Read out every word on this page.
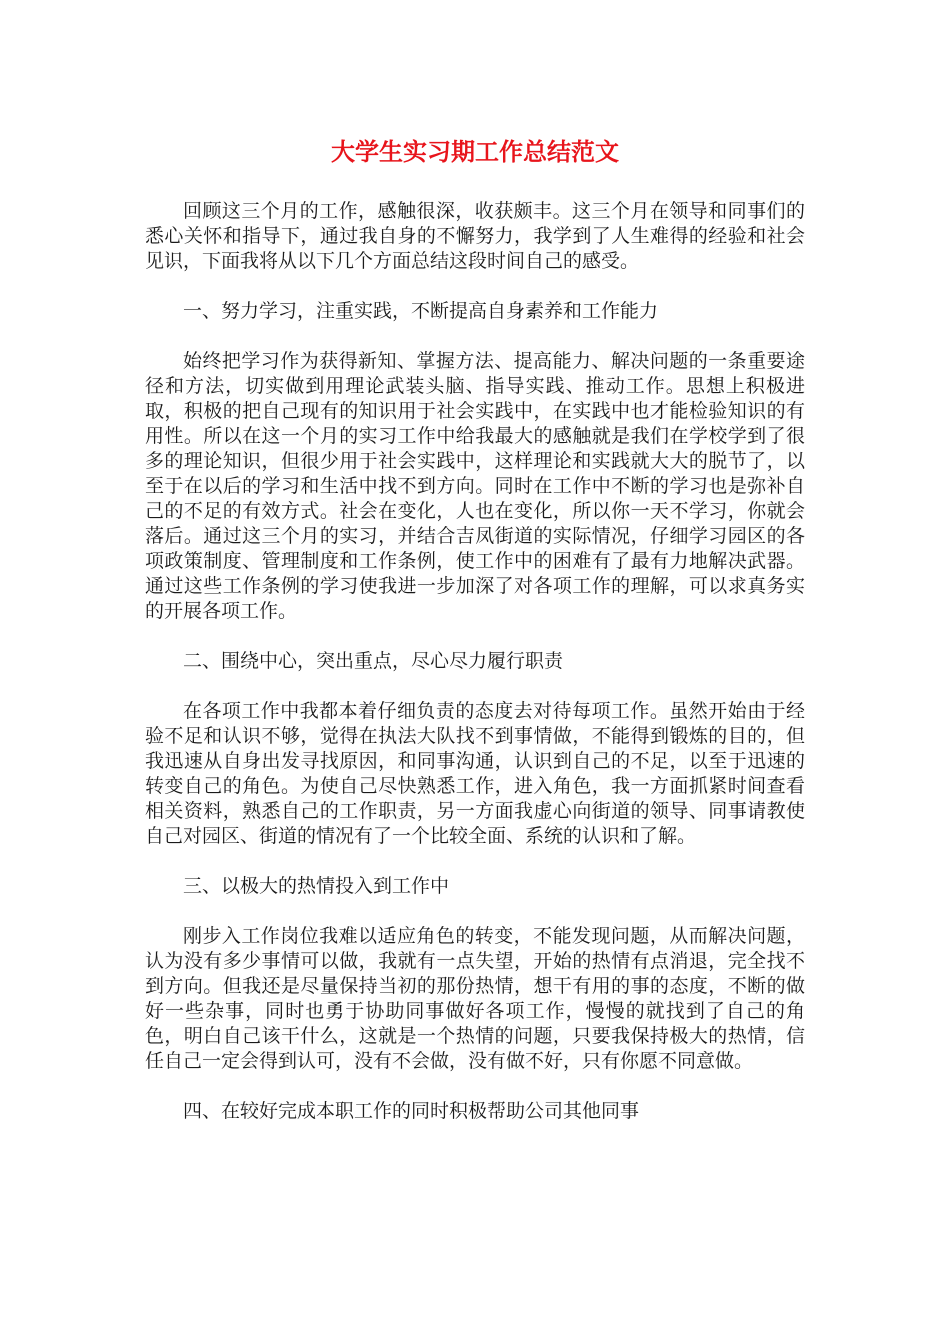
大学生实习期工作总结范文

回顾这三个月的工作，感触很深，收获颇丰。这三个月在领导和同事们的悉心关怀和指导下，通过我自身的不懈努力，我学到了人生难得的经验和社会见识，下面我将从以下几个方面总结这段时间自己的感受。

一、努力学习，注重实践，不断提高自身素养和工作能力

始终把学习作为获得新知、掌握方法、提高能力、解决问题的一条重要途径和方法，切实做到用理论武装头脑、指导实践、推动工作。思想上积极进取，积极的把自己现有的知识用于社会实践中，在实践中也才能检验知识的有用性。所以在这一个月的实习工作中给我最大的感触就是我们在学校学到了很多的理论知识，但很少用于社会实践中，这样理论和实践就大大的脱节了，以至于在以后的学习和生活中找不到方向。同时在工作中不断的学习也是弥补自己的不足的有效方式。社会在变化，人也在变化，所以你一天不学习，你就会落后。通过这三个月的实习，并结合吉凤街道的实际情况，仔细学习园区的各项政策制度、管理制度和工作条例，使工作中的困难有了最有力地解决武器。通过这些工作条例的学习使我进一步加深了对各项工作的理解，可以求真务实的开展各项工作。

二、围绕中心，突出重点，尽心尽力履行职责

在各项工作中我都本着仔细负责的态度去对待每项工作。虽然开始由于经验不足和认识不够，觉得在执法大队找不到事情做，不能得到锻炼的目的，但我迅速从自身出发寻找原因，和同事沟通，认识到自己的不足，以至于迅速的转变自己的角色。为使自己尽快熟悉工作，进入角色，我一方面抓紧时间查看相关资料，熟悉自己的工作职责，另一方面我虚心向街道的领导、同事请教使自己对园区、街道的情况有了一个比较全面、系统的认识和了解。

三、以极大的热情投入到工作中

刚步入工作岗位我难以适应角色的转变，不能发现问题，从而解决问题，认为没有多少事情可以做，我就有一点失望，开始的热情有点消退，完全找不到方向。但我还是尽量保持当初的那份热情，想干有用的事的态度，不断的做好一些杂事，同时也勇于协助同事做好各项工作，慢慢的就找到了自己的角色，明白自己该干什么，这就是一个热情的问题，只要我保持极大的热情，信任自己一定会得到认可，没有不会做，没有做不好，只有你愿不同意做。

四、在较好完成本职工作的同时积极帮助公司其他同事
